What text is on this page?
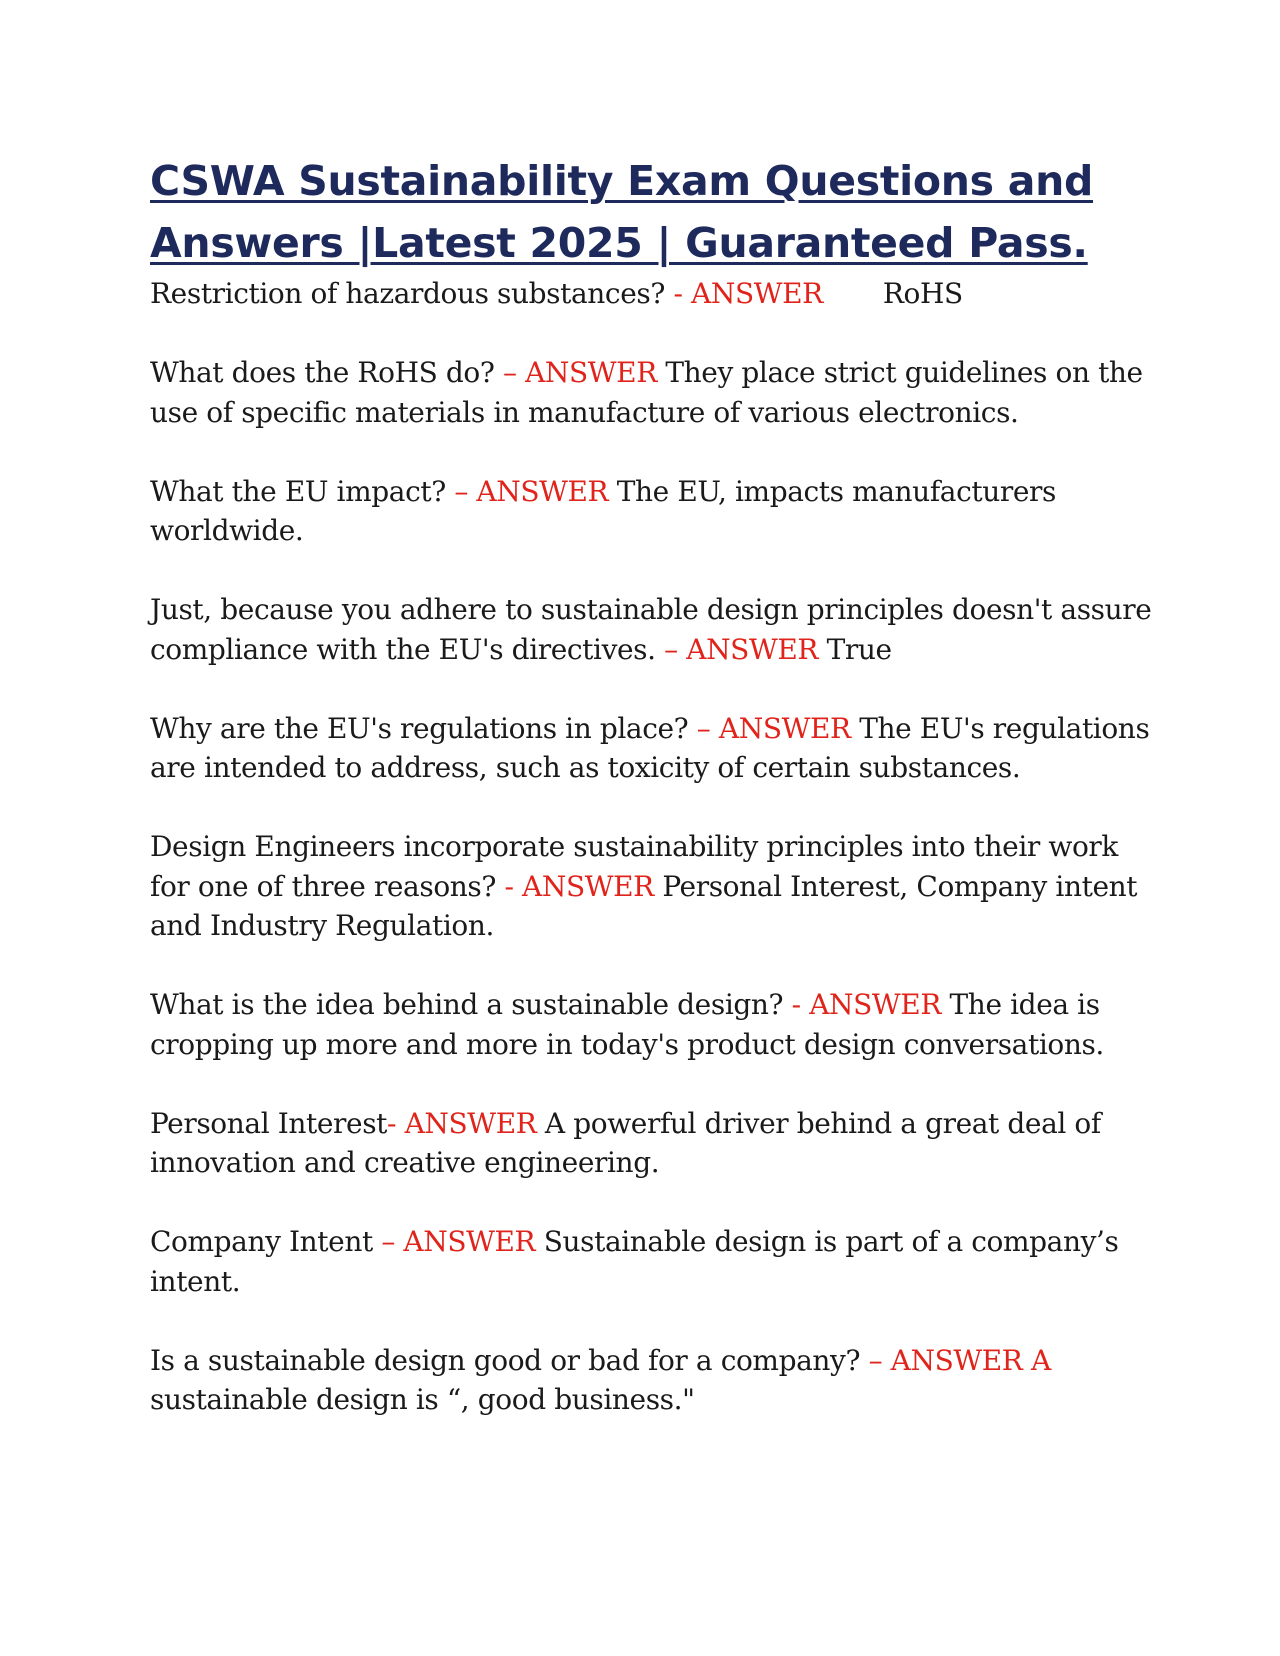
CSWA Sustainability Exam Questions and Answers |Latest 2025 | Guaranteed Pass.

Restriction of hazardous substances? - ANSWER RoHS

What does the RoHS do? – ANSWER They place strict guidelines on the use of specific materials in manufacture of various electronics.

What the EU impact? – ANSWER The EU, impacts manufacturers worldwide.

Just, because you adhere to sustainable design principles doesn't assure compliance with the EU's directives. – ANSWER True

Why are the EU's regulations in place? – ANSWER The EU's regulations are intended to address, such as toxicity of certain substances.

Design Engineers incorporate sustainability principles into their work for one of three reasons? - ANSWER Personal Interest, Company intent and Industry Regulation.

What is the idea behind a sustainable design? - ANSWER The idea is cropping up more and more in today's product design conversations.

Personal Interest- ANSWER A powerful driver behind a great deal of innovation and creative engineering.

Company Intent – ANSWER Sustainable design is part of a company’s intent.

Is a sustainable design good or bad for a company? – ANSWER A sustainable design is “, good business."
